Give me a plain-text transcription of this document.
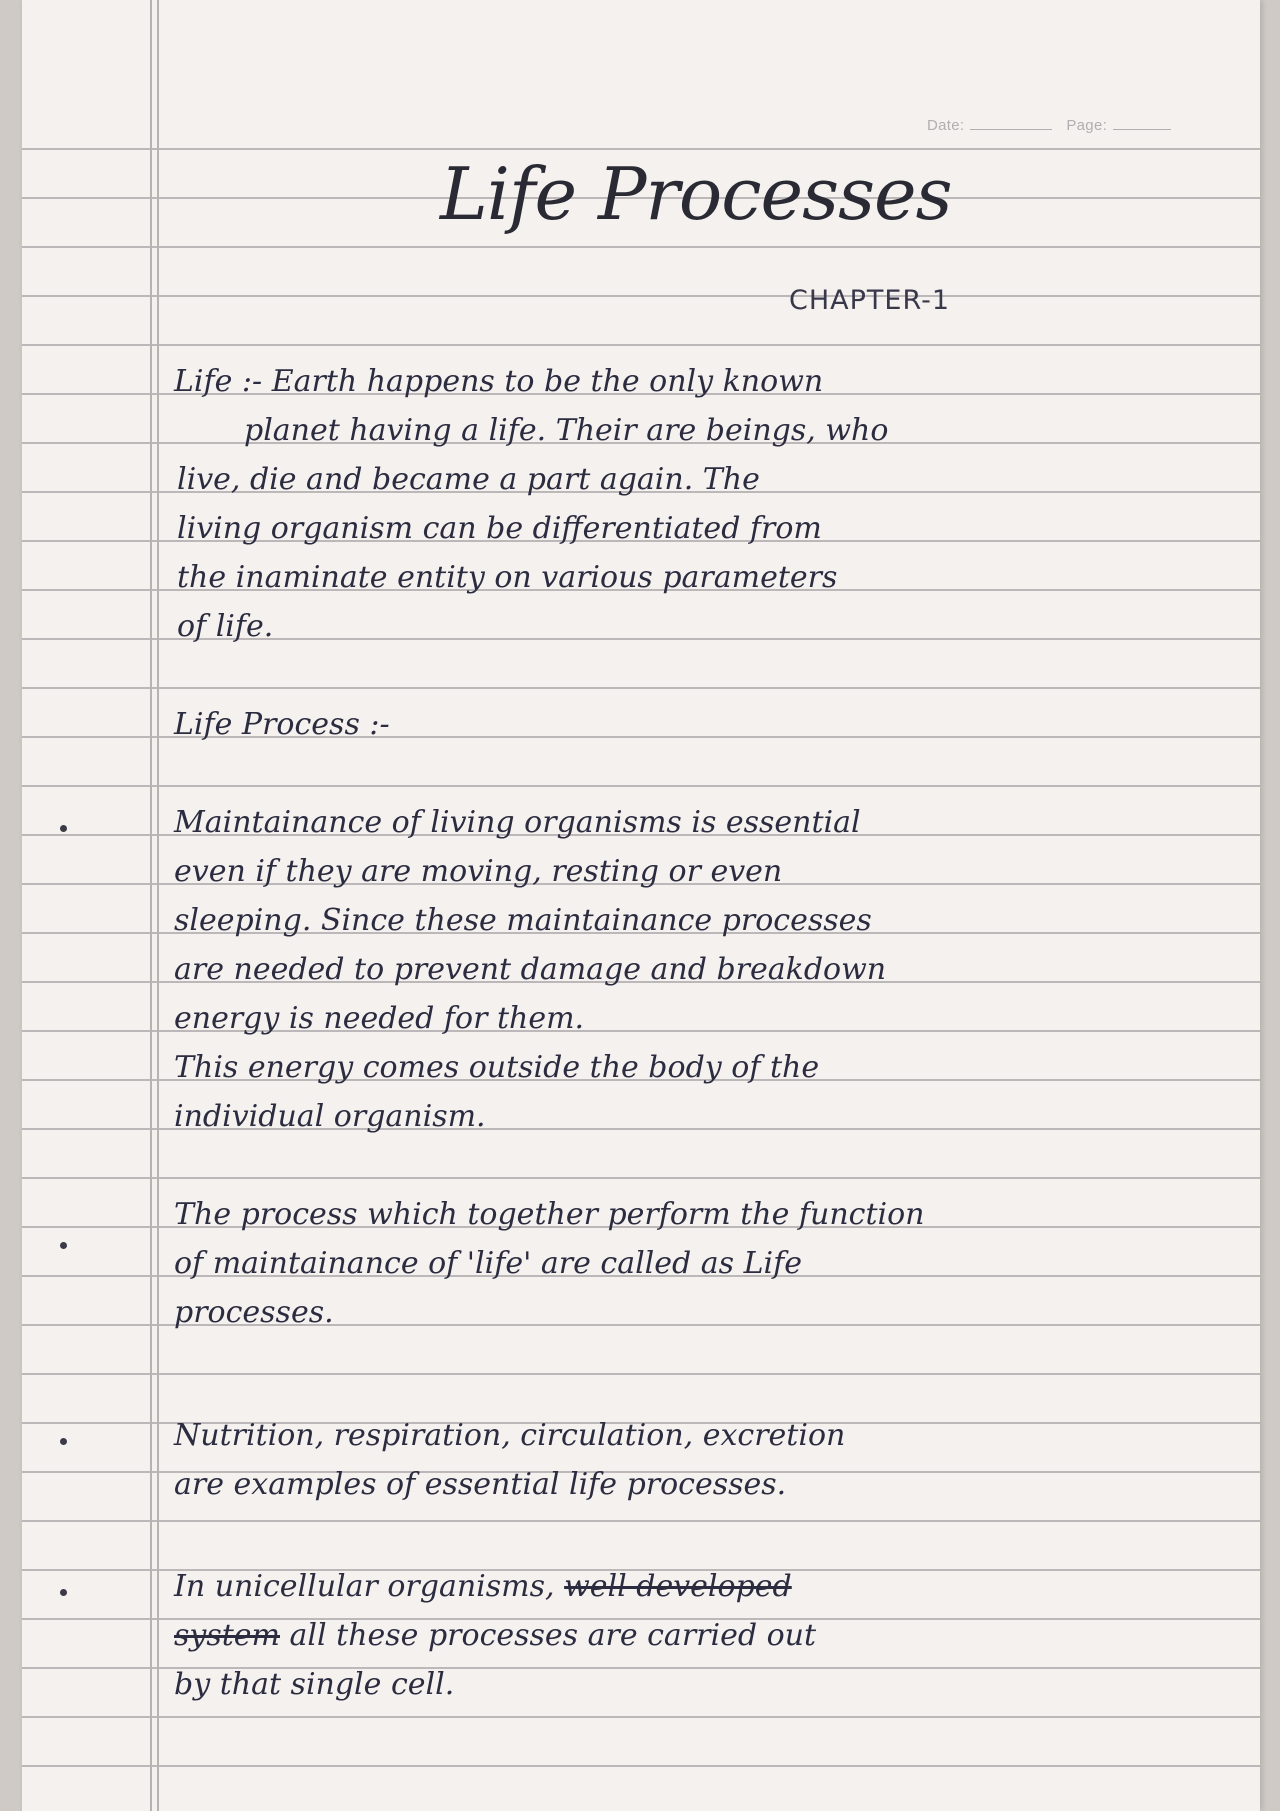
Date:	Page:
Life Processes
CHAPTER-1
Life :- Earth happens to be the only known
planet having a life. Their are beings, who
live, die and became a part again. The
living organism can be differentiated from
the inaminate entity on various parameters
of life.
Life Process :-
Maintainance of living organisms is essential
even if they are moving, resting or even
sleeping. Since these maintainance processes
are needed to prevent damage and breakdown
energy is needed for them.
This energy comes outside the body of the
individual organism.
The process which together perform the function
of maintainance of 'life' are called as Life
processes.
Nutrition, respiration, circulation, excretion
are examples of essential life processes.
In unicellular organisms, well developed
system all these processes are carried out
by that single cell.
